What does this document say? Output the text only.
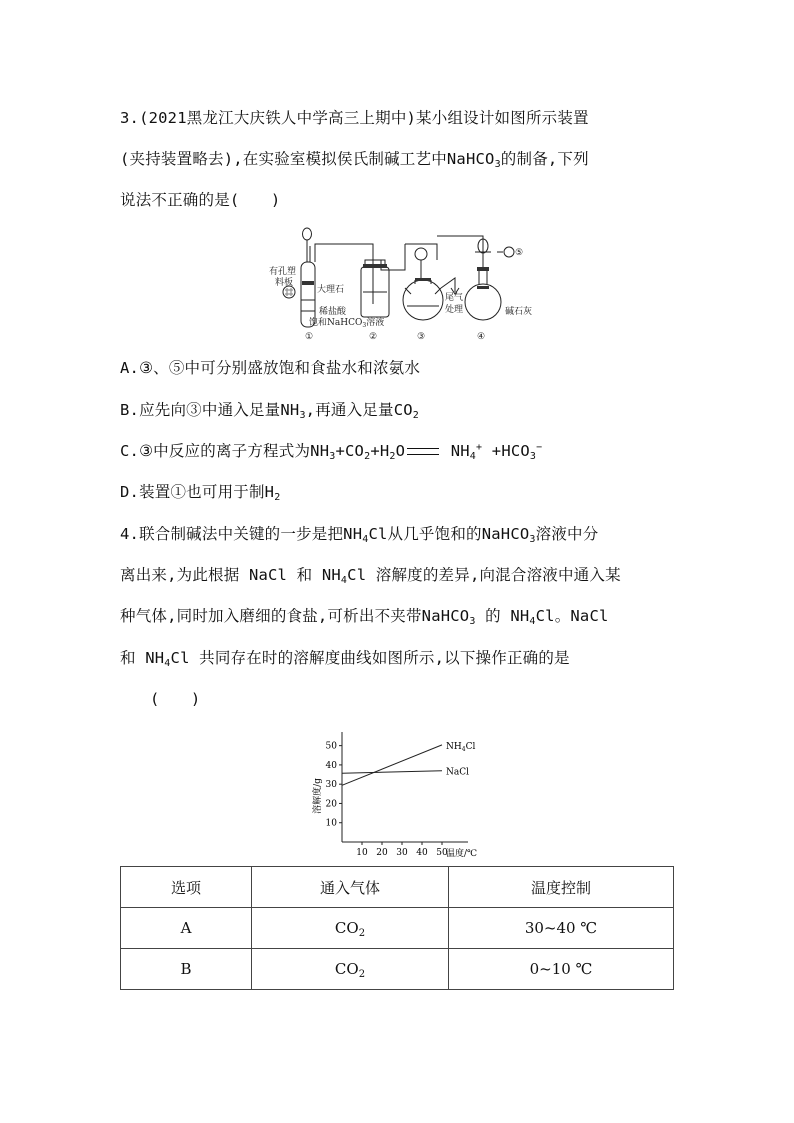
3.(2021黑龙江大庆铁人中学高三上期中)某小组设计如图所示装置
(夹持装置略去),在实验室模拟侯氏制碱工艺中NaHCO$_3$的制备,下列
说法不正确的是(　　)
有孔塑
料板
大理石
稀盐酸
饱和NaHCO$_3$溶液
尾气
处理	碱石灰
①	②	③	④
⑤
A.③、⑤中可分别盛放饱和食盐水和浓氨水
B.应先向③中通入足量$NH_3$,再通入足量$CO_2$
C.③中反应的离子方程式为$NH_3+CO_2+H_2O$ $NH_4^+ +HCO_3^-$
D.装置①也可用于制$H_2$
4.联合制碱法中关键的一步是把$NH_4Cl$从几乎饱和的NaHCO$_3$溶液中分
离出来,为此根据 NaCl 和 $NH_4Cl$ 溶解度的差异,向混合溶液中通入某
种气体,同时加入磨细的食盐,可析出不夹带NaHCO$_3$ 的 $NH_4Cl$。NaCl
和 $NH_4Cl$ 共同存在时的溶解度曲线如图所示,以下操作正确的是
(　　)
10
20
30
40
50
10 20 30 40 50
$NH_4Cl$
NaCl
溶解度/g
温度/℃
选项	通入气体	温度控制
A	$CO_2$	30~40 ℃
B	$CO_2$	0~10 ℃
